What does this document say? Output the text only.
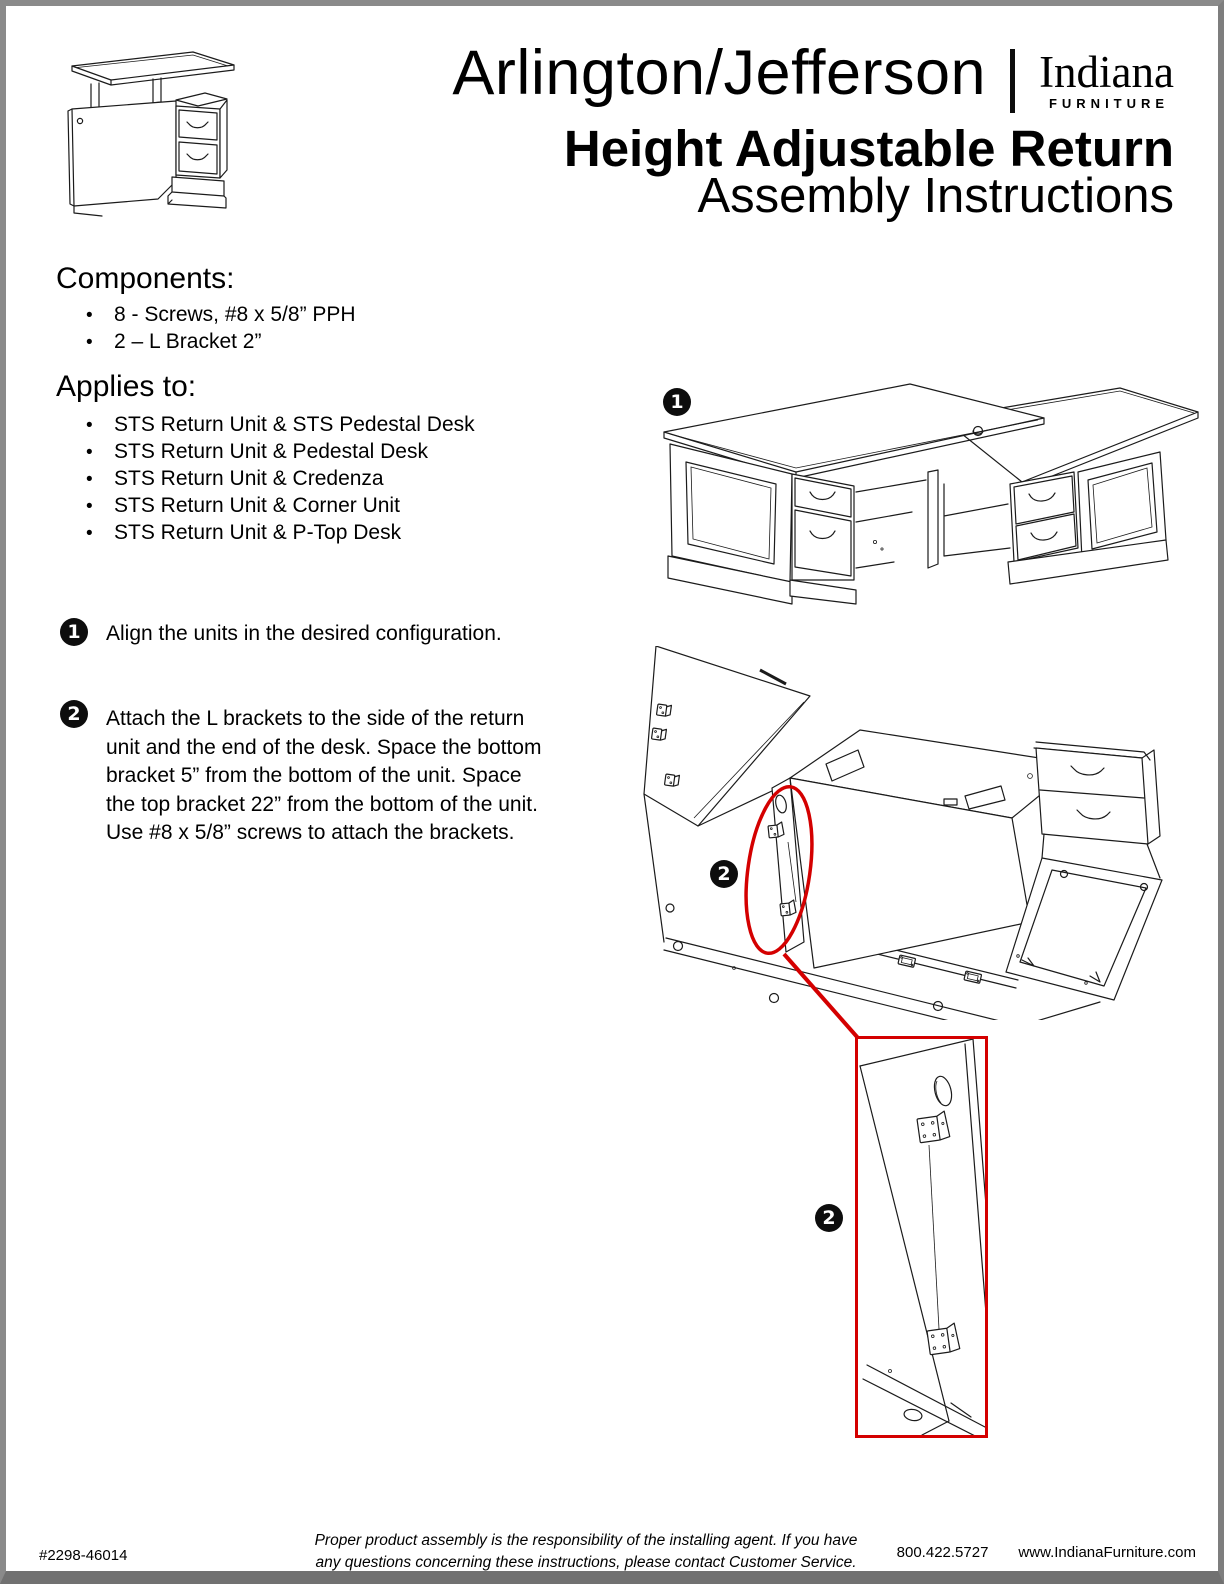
Arlington/Jefferson Indiana
FURNITURE
Height Adjustable Return
Assembly Instructions
Components:
•	8 - Screws, #8 x 5/8” PPH
•	2 – L Bracket 2”
Applies to:
•	STS Return Unit & STS Pedestal Desk
•	STS Return Unit & Pedestal Desk
•	STS Return Unit & Credenza
•	STS Return Unit & Corner Unit
•	STS Return Unit & P-Top Desk
1	Align the units in the desired configuration.
2	Attach the L brackets to the side of the return
unit and the end of the desk. Space the bottom
bracket 5” from the bottom of the unit. Space
the top bracket 22” from the bottom of the unit.
Use #8 x 5/8” screws to attach the brackets.
1
2
2
#2298-46014
Proper product assembly is the responsibility of the installing agent. If you have
any questions concerning these instructions, please contact Customer Service.
800.422.5727 www.IndianaFurniture.com
